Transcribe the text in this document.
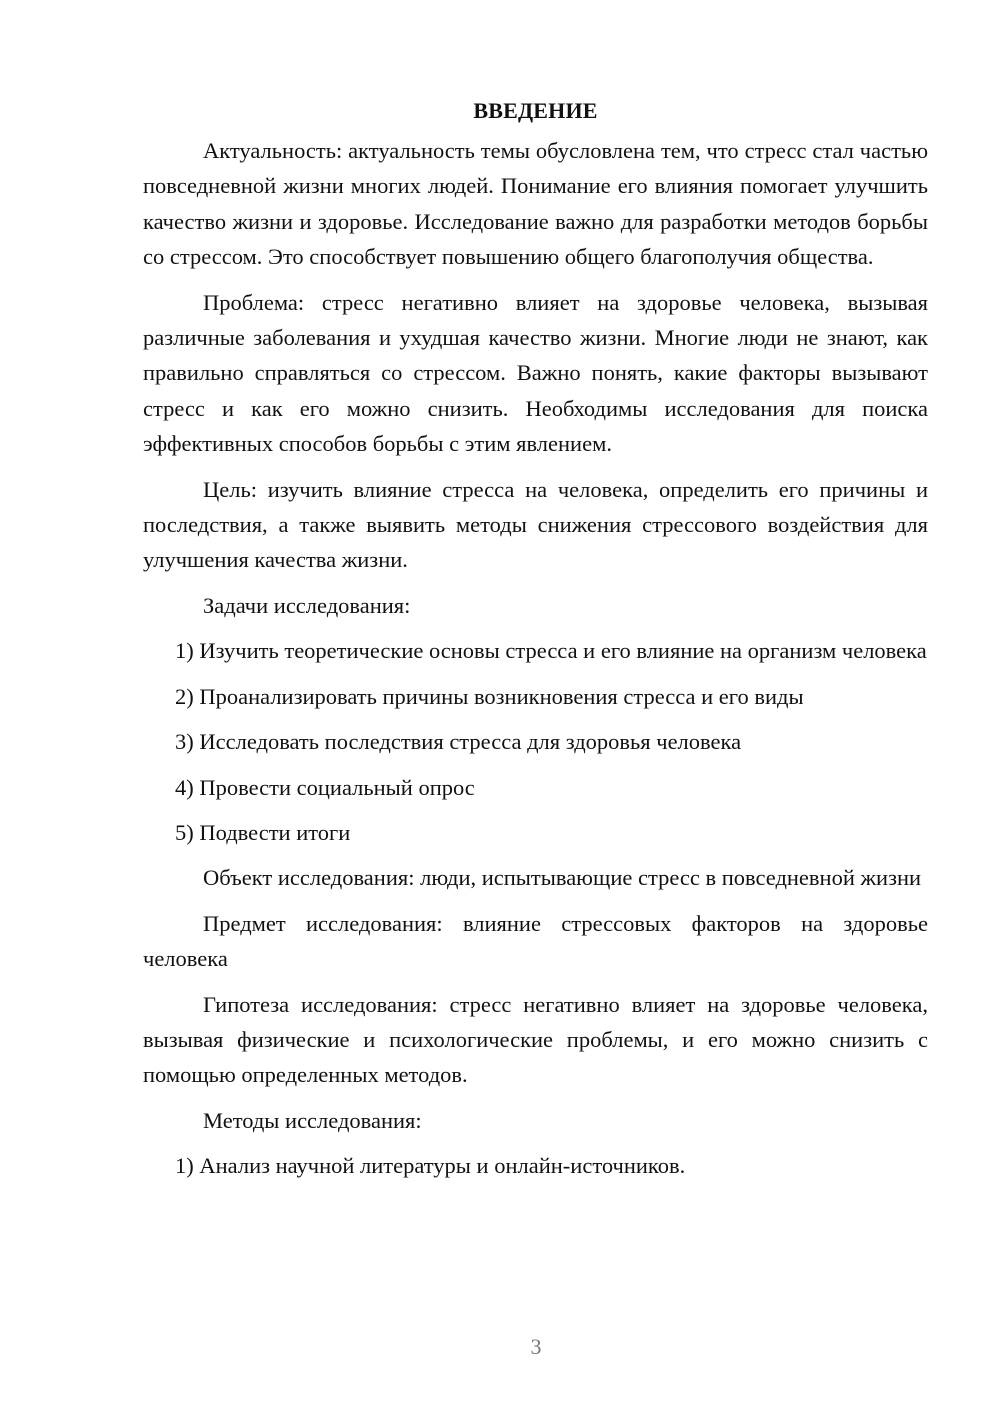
ВВЕДЕНИЕ

Актуальность: актуальность темы обусловлена тем, что стресс стал частью повседневной жизни многих людей. Понимание его влияния помогает улучшить качество жизни и здоровье. Исследование важно для разработки методов борьбы со стрессом. Это способствует повышению общего благополучия общества.

Проблема: стресс негативно влияет на здоровье человека, вызывая различные заболевания и ухудшая качество жизни. Многие люди не знают, как правильно справляться со стрессом. Важно понять, какие факторы вызывают стресс и как его можно снизить. Необходимы исследования для поиска эффективных способов борьбы с этим явлением.

Цель: изучить влияние стресса на человека, определить его причины и последствия, а также выявить методы снижения стрессового воздействия для улучшения качества жизни.

Задачи исследования:

1) Изучить теоретические основы стресса и его влияние на организм человека

2) Проанализировать причины возникновения стресса и его виды

3) Исследовать последствия стресса для здоровья человека

4) Провести социальный опрос

5) Подвести итоги

Объект исследования: люди, испытывающие стресс в повседневной жизни

Предмет исследования: влияние стрессовых факторов на здоровье человека

Гипотеза исследования: стресс негативно влияет на здоровье человека, вызывая физические и психологические проблемы, и его можно снизить с помощью определенных методов.

Методы исследования:

1) Анализ научной литературы и онлайн-источников.

3
